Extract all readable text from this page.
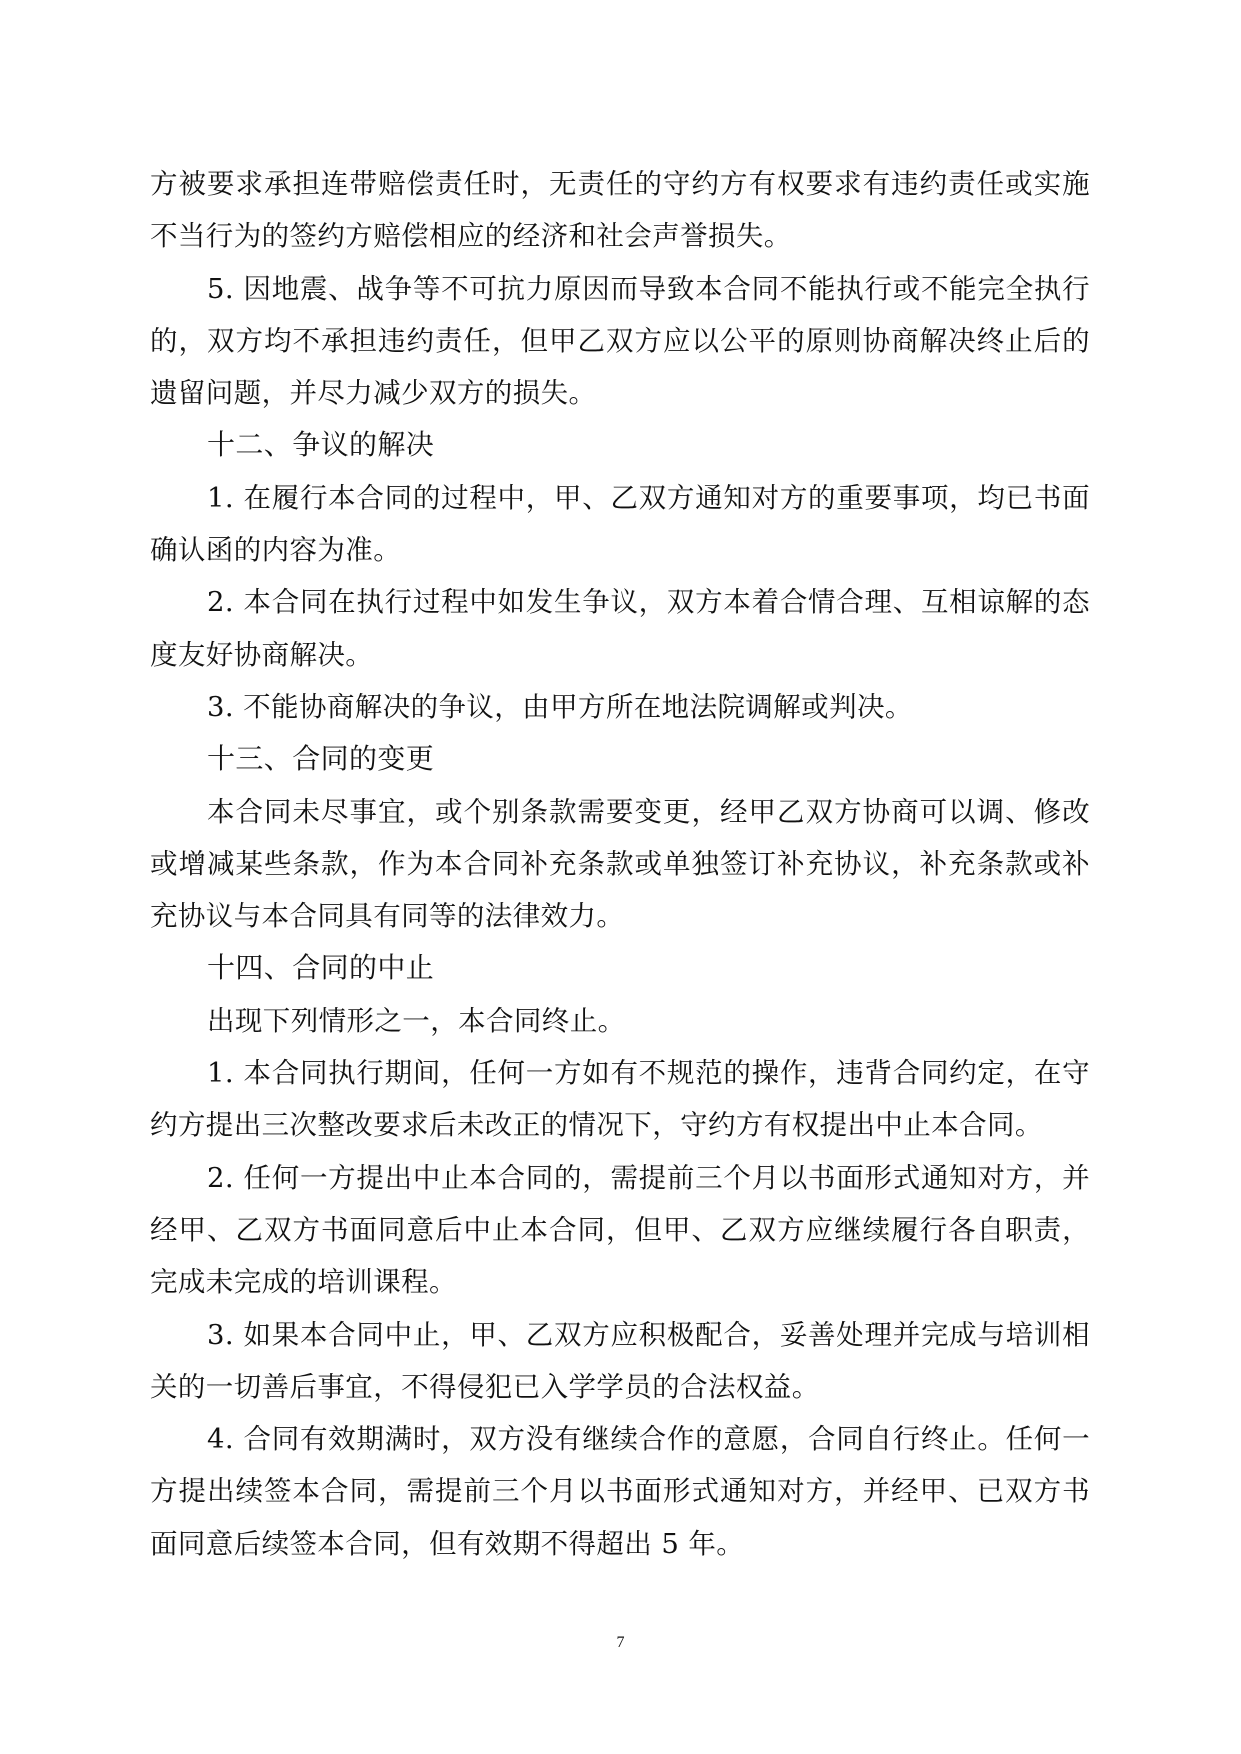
方被要求承担连带赔偿责任时，无责任的守约方有权要求有违约责任或实施不当行为的签约方赔偿相应的经济和社会声誉损失。

5. 因地震、战争等不可抗力原因而导致本合同不能执行或不能完全执行的，双方均不承担违约责任，但甲乙双方应以公平的原则协商解决终止后的遗留问题，并尽力减少双方的损失。

十二、争议的解决

1. 在履行本合同的过程中，甲、乙双方通知对方的重要事项，均已书面确认函的内容为准。

2. 本合同在执行过程中如发生争议，双方本着合情合理、互相谅解的态度友好协商解决。

3. 不能协商解决的争议，由甲方所在地法院调解或判决。

十三、合同的变更

本合同未尽事宜，或个别条款需要变更，经甲乙双方协商可以调、修改或增减某些条款，作为本合同补充条款或单独签订补充协议，补充条款或补充协议与本合同具有同等的法律效力。

十四、合同的中止

出现下列情形之一，本合同终止。

1. 本合同执行期间，任何一方如有不规范的操作，违背合同约定，在守约方提出三次整改要求后未改正的情况下，守约方有权提出中止本合同。

2. 任何一方提出中止本合同的，需提前三个月以书面形式通知对方，并经甲、乙双方书面同意后中止本合同，但甲、乙双方应继续履行各自职责，完成未完成的培训课程。

3. 如果本合同中止，甲、乙双方应积极配合，妥善处理并完成与培训相关的一切善后事宜，不得侵犯已入学学员的合法权益。

4. 合同有效期满时，双方没有继续合作的意愿，合同自行终止。任何一方提出续签本合同，需提前三个月以书面形式通知对方，并经甲、已双方书面同意后续签本合同，但有效期不得超出 5 年。

7
